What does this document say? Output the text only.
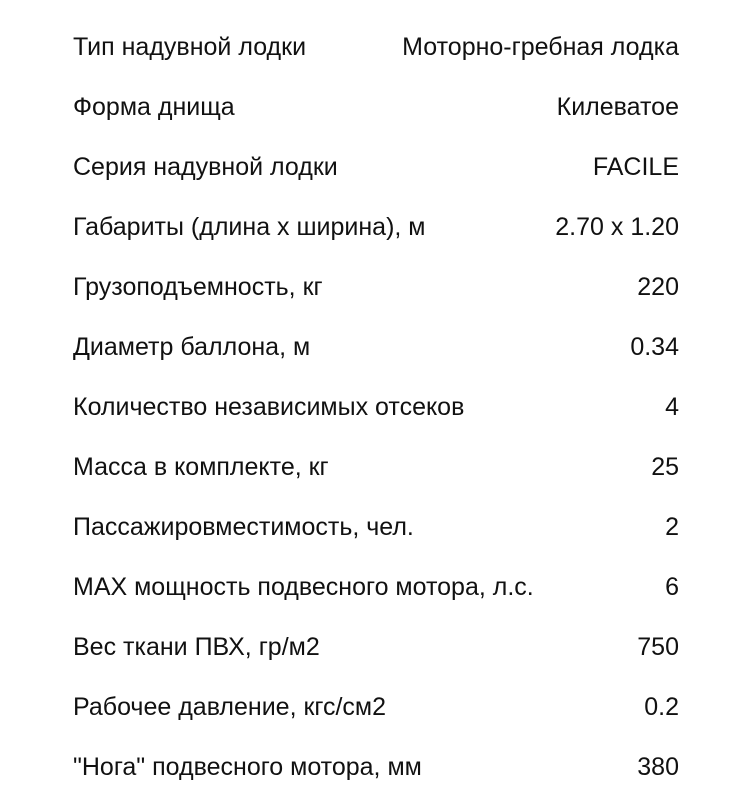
Тип надувной лодки	Моторно-гребная лодка
Форма днища	Килеватое
Серия надувной лодки	FACILE
Габариты (длина х ширина), м	2.70 x 1.20
Грузоподъемность, кг	220
Диаметр баллона, м	0.34
Количество независимых отсеков	4
Масса в комплекте, кг	25
Пассажировместимость, чел.	2
MAX мощность подвесного мотора, л.с.	6
Вес ткани ПВХ, гр/м2	750
Рабочее давление, кгс/см2	0.2
"Нога" подвесного мотора, мм	380
